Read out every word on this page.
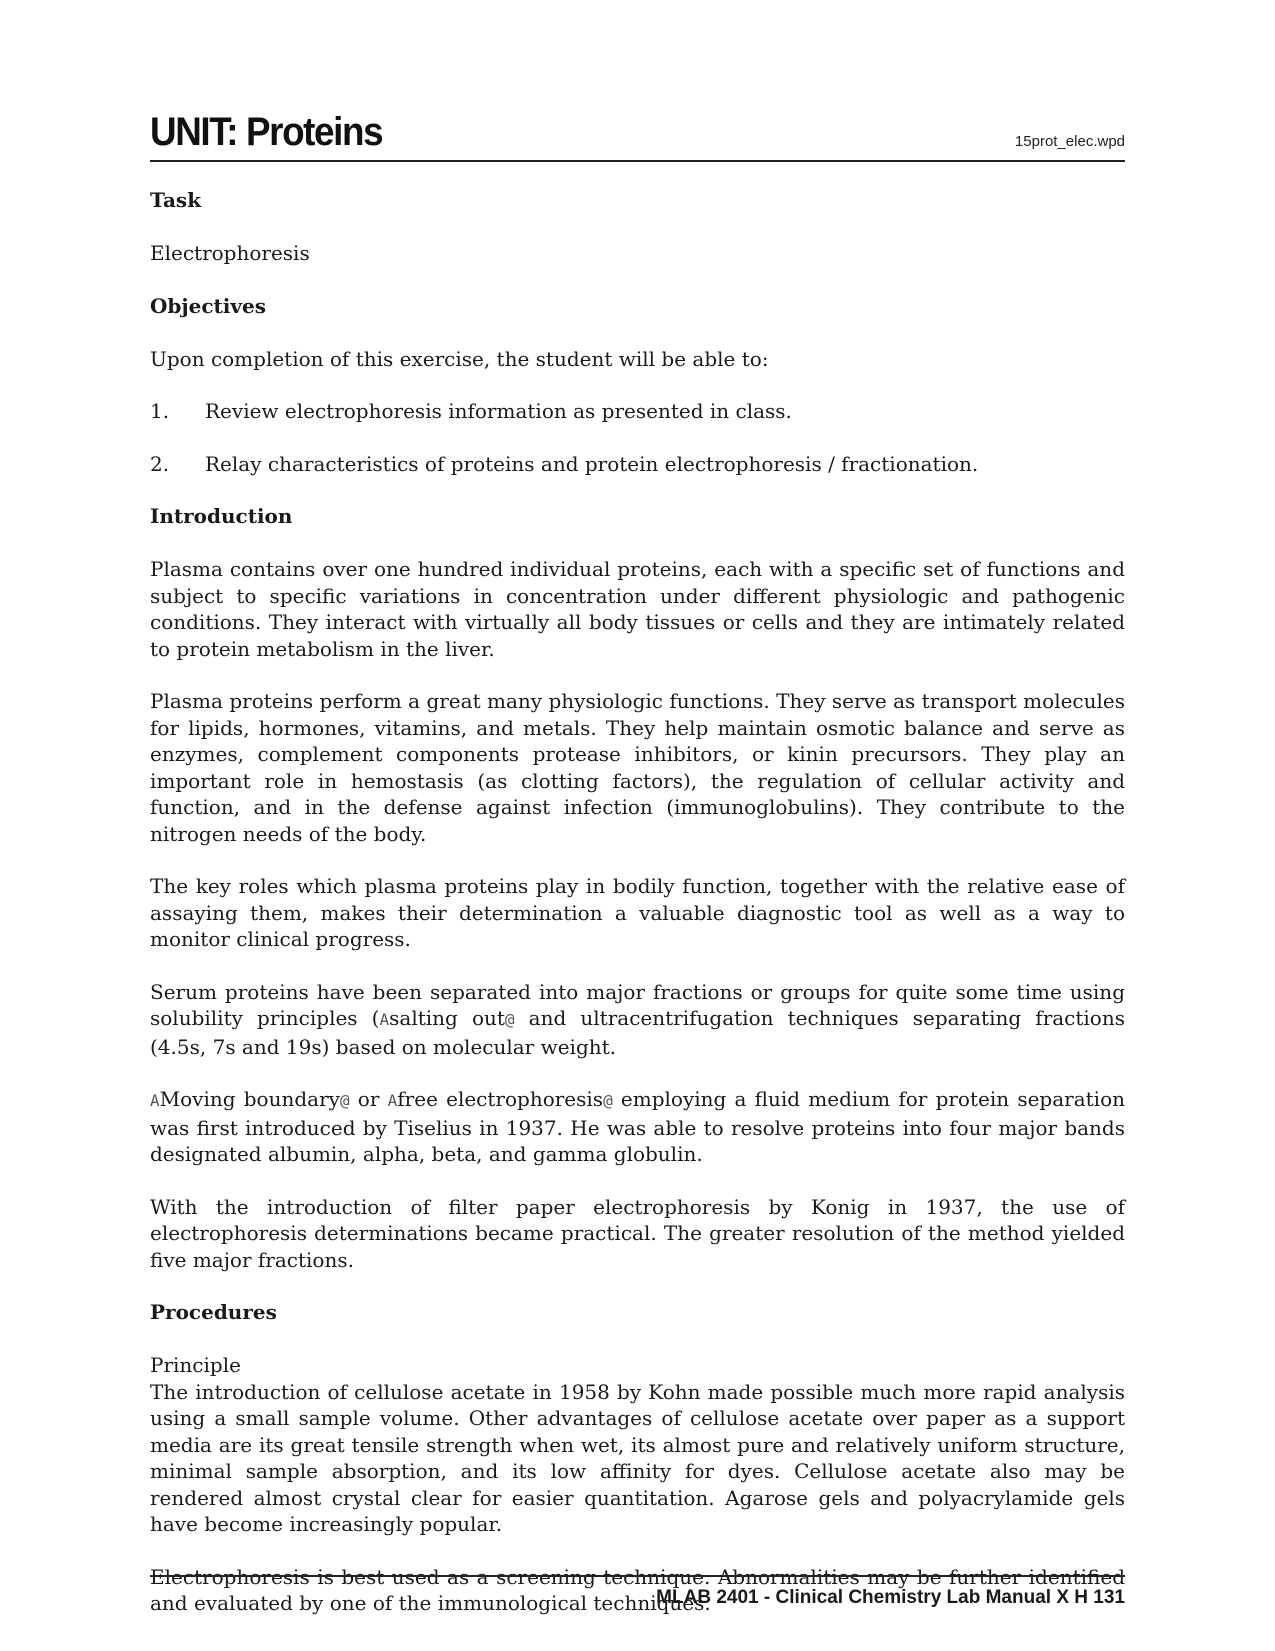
UNIT: Proteins	15prot_elec.wpd
Task

Electrophoresis

Objectives

Upon completion of this exercise, the student will be able to:

1.	Review electrophoresis information as presented in class.
2.	Relay characteristics of proteins and protein electrophoresis / fractionation.
Introduction

Plasma contains over one hundred individual proteins, each with a specific set of functions and subject to specific variations in concentration under different physiologic and pathogenic conditions. They interact with virtually all body tissues or cells and they are intimately related to protein metabolism in the liver.

Plasma proteins perform a great many physiologic functions. They serve as transport molecules for lipids, hormones, vitamins, and metals. They help maintain osmotic balance and serve as enzymes, complement components protease inhibitors, or kinin precursors. They play an important role in hemostasis (as clotting factors), the regulation of cellular activity and function, and in the defense against infection (immunoglobulins). They contribute to the nitrogen needs of the body.

The key roles which plasma proteins play in bodily function, together with the relative ease of assaying them, makes their determination a valuable diagnostic tool as well as a way to monitor clinical progress.

Serum proteins have been separated into major fractions or groups for quite some time using solubility principles (Asalting out@ and ultracentrifugation techniques separating fractions (4.5s, 7s and 19s) based on molecular weight.

AMoving boundary@ or Afree electrophoresis@ employing a fluid medium for protein separation was first introduced by Tiselius in 1937. He was able to resolve proteins into four major bands designated albumin, alpha, beta, and gamma globulin.

With the introduction of filter paper electrophoresis by Konig in 1937, the use of electrophoresis determinations became practical. The greater resolution of the method yielded five major fractions.

Procedures

Principle

The introduction of cellulose acetate in 1958 by Kohn made possible much more rapid analysis using a small sample volume. Other advantages of cellulose acetate over paper as a support media are its great tensile strength when wet, its almost pure and relatively uniform structure, minimal sample absorption, and its low affinity for dyes. Cellulose acetate also may be rendered almost crystal clear for easier quantitation. Agarose gels and polyacrylamide gels have become increasingly popular.

Electrophoresis is best used as a screening technique. Abnormalities may be further identified and evaluated by one of the immunological techniques.

MLAB 2401 - Clinical Chemistry Lab Manual X H 131
